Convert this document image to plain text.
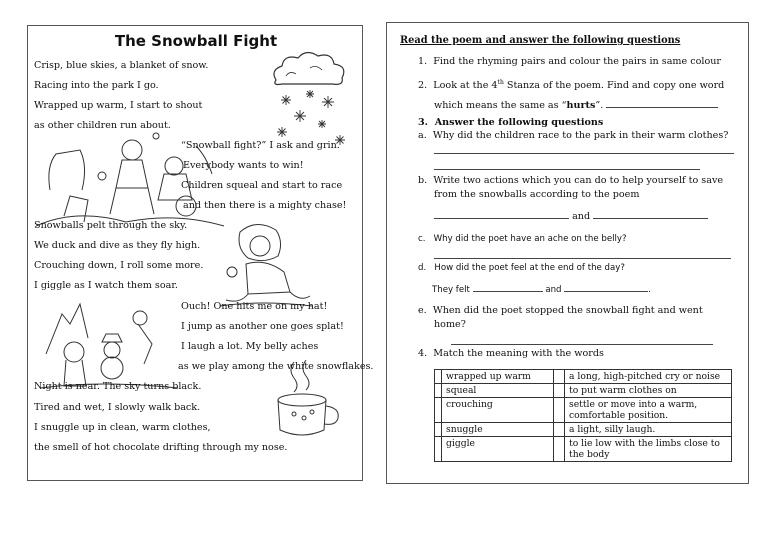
The Snowball Fight
Crisp, blue skies, a blanket of snow.
Racing into the park I go.
Wrapped up warm, I start to shout
as other children run about.
“Snowball fight?” I ask and grin.
Everybody wants to win!
Children squeal and start to race
and then there is a mighty chase!
Snowballs pelt through the sky.
We duck and dive as they fly high.
Crouching down, I roll some more.
I giggle as I watch them soar.
Ouch! One hits me on my hat!
I jump as another one goes splat!
I laugh a lot. My belly aches
as we play among the white snowflakes.
Night is near. The sky turns black.
Tired and wet, I slowly walk back.
I snuggle up in clean, warm clothes,
the smell of hot chocolate drifting through my nose.
Read the poem and answer the following questions
1. Find the rhyming pairs and colour the pairs in same colour
2. Look at the 4th Stanza of the poem. Find and copy one word
which means the same as “hurts”.
3. Answer the following questions
a. Why did the children race to the park in their warm clothes?
b. Write two actions which you can do to help yourself to save
from the snowballs according to the poem
and
c. Why did the poet have an ache on the belly?
d. How did the poet feel at the end of the day?
They felt	and	.
e. When did the poet stopped the snowball fight and went
home?
4. Match the meaning with the words
	wrapped up warm		a long, high-pitched cry or noise
	squeal		to put warm clothes on
	crouching		settle or move into a warm, comfortable position.
	snuggle		a light, silly laugh.
	giggle		to lie low with the limbs close to the body
